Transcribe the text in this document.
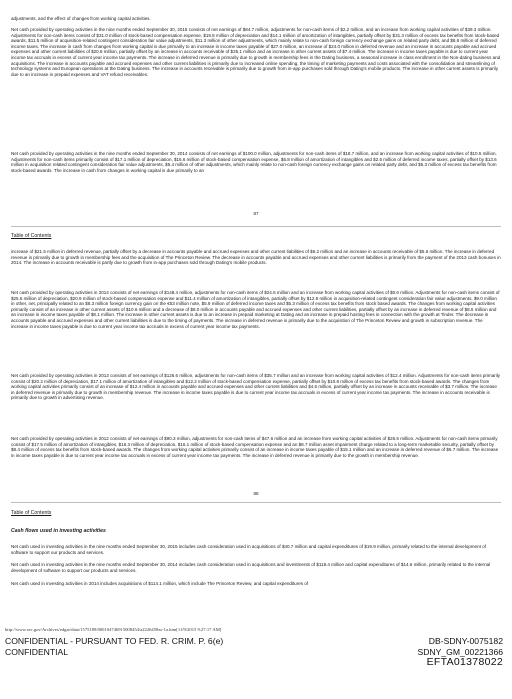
adjustments, and the effect of changes from working capital activities.

Net cash provided by operating activities in the nine months ended September 30, 2015 consists of net earnings of $84.7 million, adjustments for non-cash items of $2.2 million, and an increase from working capital activities of $39.3 million. Adjustments for non-cash items consist of $31.0 million of stock-based compensation expense, $19.8 million of depreciation and $14.1 million of amortization of intangibles, partially offset by $31.3 million of excess tax benefits from stock-based awards, $11.5 million of acquisition-related contingent consideration fair value adjustments, $11.3 million of other adjustments, which mainly relate to non-cash foreign currency exchange gains on related party debt, and $8.6 million of deferred income taxes. The increase in cash from changes from working capital is due primarily to an increase in income taxes payable of $27.0 million, an increase of $24.0 million in deferred revenue and an increase in accounts payable and accrued expenses and other current liabilities of $20.8 million, partially offset by an increase in accounts receivable of $25.1 million and an increase in other current assets of $7.4 million. The increase in income taxes payable is due to current year income tax accruals in excess of current year income tax payments. The increase in deferred revenue is primarily due to growth in membership fees in the Dating business, a seasonal increase in class enrollment in the Non-dating business and acquisitions. The increase in accounts payable and accrued expenses and other current liabilities is primarily due to increased online spending, the timing of marketing payments and costs associated with the consolidation and streamlining of technology systems and European operations at the Dating business. The increase in accounts receivable is primarily due to growth from in-app purchases sold through Dating's mobile products. The increase in other current assets is primarily due to an increase in prepaid expenses and VAT refund receivables.

Net cash provided by operating activities in the nine months ended September 30, 2014 consists of net earnings of $100.0 million, adjustments for non-cash items of $18.7 million, and an increase from working capital activities of $10.5 million. Adjustments for non-cash items primarily consist of $17.1 million of depreciation, $16.6 million of stock-based compensation expense, $6.8 million of amortization of intangibles and $2.5 million of deferred income taxes, partially offset by $13.6 million in acquisition related contingent consideration fair value adjustments, $5.4 million of other adjustments, which mainly relate to non-cash foreign currency exchange gains on related party debt, and $5.3 million of excess tax benefits from stock-based awards. The increase in cash from changes in working capital is due primarily to an

87
Table of Contents

increase of $21.5 million in deferred revenue, partially offset by a decrease in accounts payable and accrued expenses and other current liabilities of $6.2 million and an increase in accounts receivable of $5.6 million. The increase in deferred revenue is primarily due to growth in membership fees and the acquisition of The Princeton Review. The decrease in accounts payable and accrued expenses and other current liabilities is primarily from the payment of the 2013 cash bonuses in 2014. The increase in accounts receivable is partly due to growth from in-app purchases sold through Dating's mobile products.

Net cash provided by operating activities in 2014 consists of net earnings of $148.4 million, adjustments for non-cash items of $24.6 million and an increase from working capital activities of $0.6 million. Adjustments for non-cash items consist of $25.5 million of depreciation, $20.9 million of stock-based compensation expense and $11.4 million of amortization of intangibles, partially offset by $12.9 million in acquisition-related contingent consideration fair value adjustments, $9.0 million in other, net, principally related to an $8.3 million foreign currency gain on the €53 million note, $5.9 million of deferred income taxes and $5.3 million of excess tax benefits from stock based awards. The changes from working capital activities primarily consist of an increase in other current assets of $10.6 million and a decrease of $8.0 million in accounts payable and accrued expenses and other current liabilities, partially offset by an increase in deferred revenue of $8.6 million and an increase in income taxes payable of $8.1 million. The increase in other current assets is due to an increase in prepaid marketing at Dating and an increase in prepaid hosting fees in connection with the growth at Tinder. The decrease in accounts payable and accrued expenses and other current liabilities is due to the timing of payments. The increase in deferred revenue is primarily due to the acquisition of The Princeton Review and growth in subscription revenue. The increase in income taxes payable is due to current year income tax accruals in excess of current year income tax payments.

Net cash provided by operating activities in 2013 consists of net earnings of $126.6 million, adjustments for non-cash items of $35.7 million and an increase from working capital activities of $12.4 million. Adjustments for non-cash items primarily consist of $20.2 million of depreciation, $17.1 million of amortization of intangibles and $12.2 million of stock-based compensation expense, partially offset by $10.8 million of excess tax benefits from stock-based awards. The changes from working capital activities primarily consist of an increase of $12.4 million in accounts payable and accrued expenses and other current liabilities and $4.6 million, partially offset by an increase in accounts receivable of $3.7 million. The increase in deferred revenue is primarily due to growth in membership revenue. The increase in income taxes payable is due to current year income tax accruals in excess of current year income tax payments. The increase in accounts receivable is primarily due to growth in advertising revenue.

Net cash provided by operating activities in 2012 consists of net earnings of $90.3 million, adjustments for non-cash items of $47.6 million and an increase from working capital activities of $26.5 million. Adjustments for non-cash items primarily consist of $17.5 million of amortization of intangibles, $16.3 million of depreciation, $16.1 million of stock-based compensation expense and an $8.7 million asset impairment charge related to a long-term marketable security, partially offset by $8.4 million of excess tax benefits from stock-based awards. The changes from working capital activities primarily consist of an increase in income taxes payable of $15.1 million and an increase in deferred revenue of $6.7 million. The increase in income taxes payable is due to current year income tax accruals in excess of current year income tax payments. The increase in deferred revenue is primarily due to the growth in membership revenue.

88
Table of Contents
Cash flows used in investing activities

Net cash used in investing activities in the nine months ended September 30, 2015 includes cash consideration used in acquisitions of $40.7 million and capital expenditures of $19.9 million, primarily related to the internal development of software to support our products and services.

Net cash used in investing activities in the nine months ended September 30, 2014 includes cash consideration used in acquisitions and investments of $118.4 million and capital expenditures of $14.6 million, primarily related to the internal development of software to support our products and services.

Net cash used in investing activities in 2014 includes acquisitions of $114.1 million, which include The Princeton Review, and capital expenditures of

http://www.sec.gov/Archives/edgar/data/1575189/000104746915008454/a2226458zs-1a.htm[11/9/2015 9:27:17 AM]
CONFIDENTIAL - PURSUANT TO FED. R. CRIM. P. 6(e)
CONFIDENTIAL
DB-SDNY-0075182
SDNY_GM_00221366
EFTA01378022
